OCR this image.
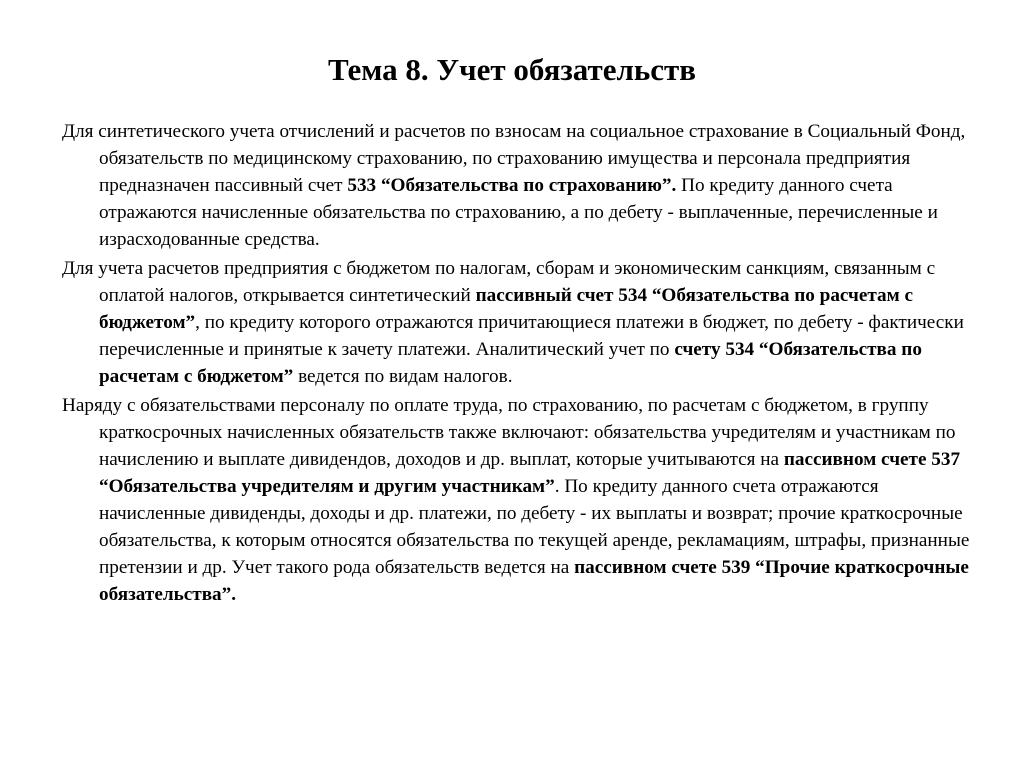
Тема 8. Учет обязательств

Для синтетического учета отчислений и расчетов по взносам на социальное страхование в Социальный Фонд, обязательств по медицинскому страхованию, по страхованию имущества и персонала предприятия предназначен пассивный счет 533 “Обязательства по страхованию”. По кредиту данного счета отражаются начисленные обязательства по страхованию, а по дебету - выплаченные, перечисленные и израсходованные средства.

Для учета расчетов предприятия с бюджетом по налогам, сборам и экономическим санкциям, связанным с оплатой налогов, открывается синтетический пассивный счет 534 “Обязательства по расчетам с бюджетом”, по кредиту которого отражаются причитающиеся платежи в бюджет, по дебету - фактически перечисленные и принятые к зачету платежи. Аналитический учет по счету 534 “Обязательства по расчетам с бюджетом” ведется по видам налогов.

Наряду с обязательствами персоналу по оплате труда, по страхованию, по расчетам с бюджетом, в группу краткосрочных начисленных обязательств также включают: обязательства учредителям и участникам по начислению и выплате дивидендов, доходов и др. выплат, которые учитываются на пассивном счете 537 “Обязательства учредителям и другим участникам”. По кредиту данного счета отражаются начисленные дивиденды, доходы и др. платежи, по дебету - их выплаты и возврат; прочие краткосрочные обязательства, к которым относятся обязательства по текущей аренде, рекламациям, штрафы, признанные претензии и др. Учет такого рода обязательств ведется на пассивном счете 539 “Прочие краткосрочные обязательства”.
